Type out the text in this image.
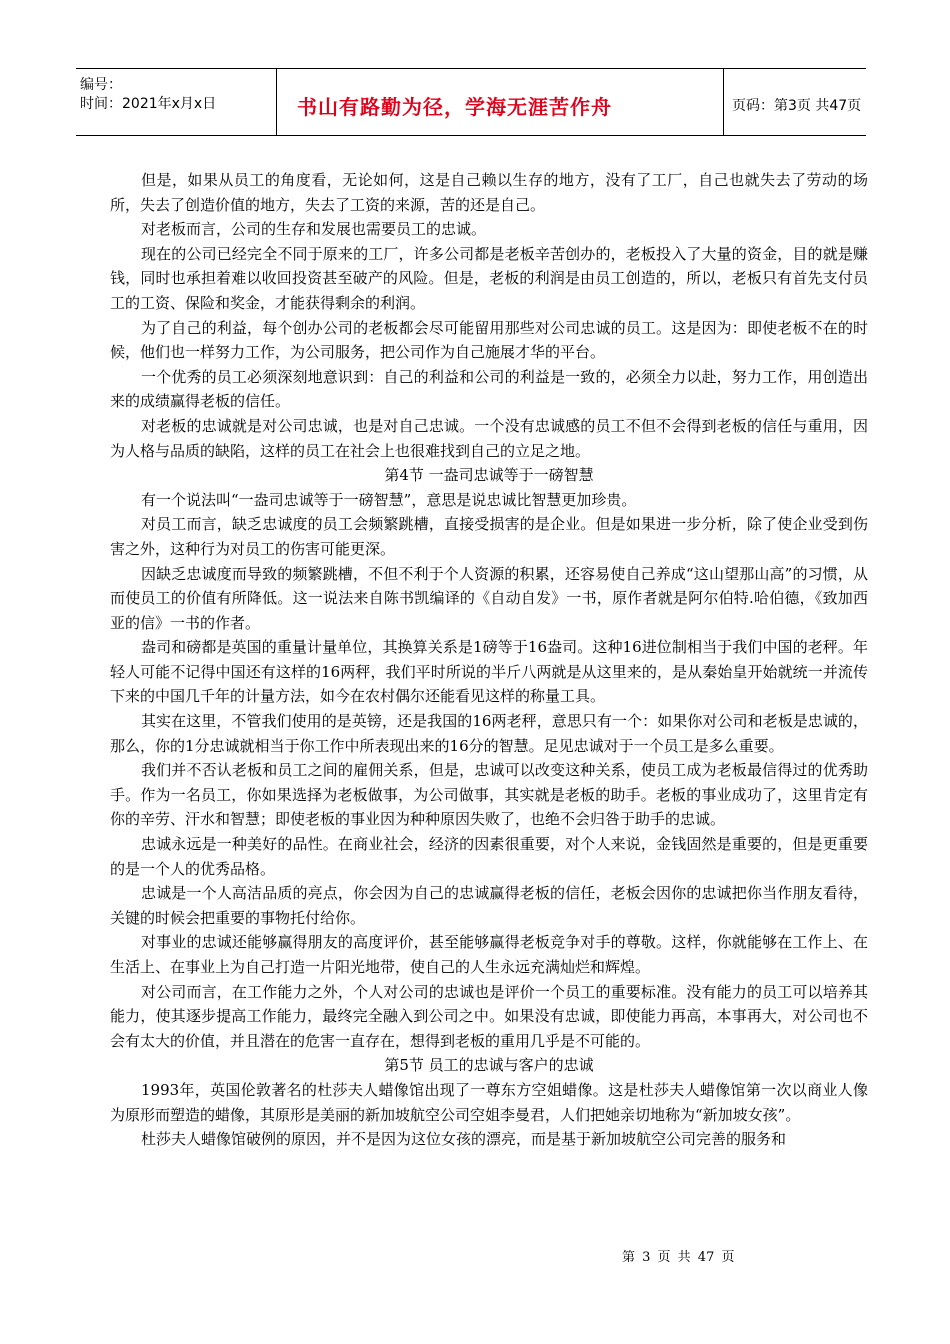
编号：
时间：2021年x月x日	书山有路勤为径，学海无涯苦作舟	页码：第3页 共47页

但是，如果从员工的角度看，无论如何，这是自己赖以生存的地方，没有了工厂，自己也就失去了劳动的场所，失去了创造价值的地方，失去了工资的来源，苦的还是自己。

对老板而言，公司的生存和发展也需要员工的忠诚。

现在的公司已经完全不同于原来的工厂，许多公司都是老板辛苦创办的，老板投入了大量的资金，目的就是赚钱，同时也承担着难以收回投资甚至破产的风险。但是，老板的利润是由员工创造的，所以，老板只有首先支付员工的工资、保险和奖金，才能获得剩余的利润。

为了自己的利益，每个创办公司的老板都会尽可能留用那些对公司忠诚的员工。这是因为：即使老板不在的时候，他们也一样努力工作，为公司服务，把公司作为自己施展才华的平台。

一个优秀的员工必须深刻地意识到：自己的利益和公司的利益是一致的，必须全力以赴，努力工作，用创造出来的成绩赢得老板的信任。

对老板的忠诚就是对公司忠诚，也是对自己忠诚。一个没有忠诚感的员工不但不会得到老板的信任与重用，因为人格与品质的缺陷，这样的员工在社会上也很难找到自己的立足之地。

第4节 一盎司忠诚等于一磅智慧

有一个说法叫“一盎司忠诚等于一磅智慧”，意思是说忠诚比智慧更加珍贵。

对员工而言，缺乏忠诚度的员工会频繁跳槽，直接受损害的是企业。但是如果进一步分析，除了使企业受到伤害之外，这种行为对员工的伤害可能更深。

因缺乏忠诚度而导致的频繁跳槽，不但不利于个人资源的积累，还容易使自己养成“这山望那山高”的习惯，从而使员工的价值有所降低。这一说法来自陈书凯编译的《自动自发》一书，原作者就是阿尔伯特.哈伯德，《致加西亚的信》一书的作者。

盎司和磅都是英国的重量计量单位，其换算关系是1磅等于16盎司。这种16进位制相当于我们中国的老秤。年轻人可能不记得中国还有这样的16两秤，我们平时所说的半斤八两就是从这里来的，是从秦始皇开始就统一并流传下来的中国几千年的计量方法，如今在农村偶尔还能看见这样的称量工具。

其实在这里，不管我们使用的是英镑，还是我国的16两老秤，意思只有一个：如果你对公司和老板是忠诚的，那么，你的1分忠诚就相当于你工作中所表现出来的16分的智慧。足见忠诚对于一个员工是多么重要。

我们并不否认老板和员工之间的雇佣关系，但是，忠诚可以改变这种关系，使员工成为老板最信得过的优秀助手。作为一名员工，你如果选择为老板做事，为公司做事，其实就是老板的助手。老板的事业成功了，这里肯定有你的辛劳、汗水和智慧；即使老板的事业因为种种原因失败了，也绝不会归咎于助手的忠诚。

忠诚永远是一种美好的品性。在商业社会，经济的因素很重要，对个人来说，金钱固然是重要的，但是更重要的是一个人的优秀品格。

忠诚是一个人高洁品质的亮点，你会因为自己的忠诚赢得老板的信任，老板会因你的忠诚把你当作朋友看待，关键的时候会把重要的事物托付给你。

对事业的忠诚还能够赢得朋友的高度评价，甚至能够赢得老板竞争对手的尊敬。这样，你就能够在工作上、在生活上、在事业上为自己打造一片阳光地带，使自己的人生永远充满灿烂和辉煌。

对公司而言，在工作能力之外，个人对公司的忠诚也是评价一个员工的重要标准。没有能力的员工可以培养其能力，使其逐步提高工作能力，最终完全融入到公司之中。如果没有忠诚，即使能力再高，本事再大，对公司也不会有太大的价值，并且潜在的危害一直存在，想得到老板的重用几乎是不可能的。

第5节 员工的忠诚与客户的忠诚

1993年，英国伦敦著名的杜莎夫人蜡像馆出现了一尊东方空姐蜡像。这是杜莎夫人蜡像馆第一次以商业人像为原形而塑造的蜡像，其原形是美丽的新加坡航空公司空姐李曼君，人们把她亲切地称为“新加坡女孩”。

杜莎夫人蜡像馆破例的原因，并不是因为这位女孩的漂亮，而是基于新加坡航空公司完善的服务和

第 3 页 共 47 页
